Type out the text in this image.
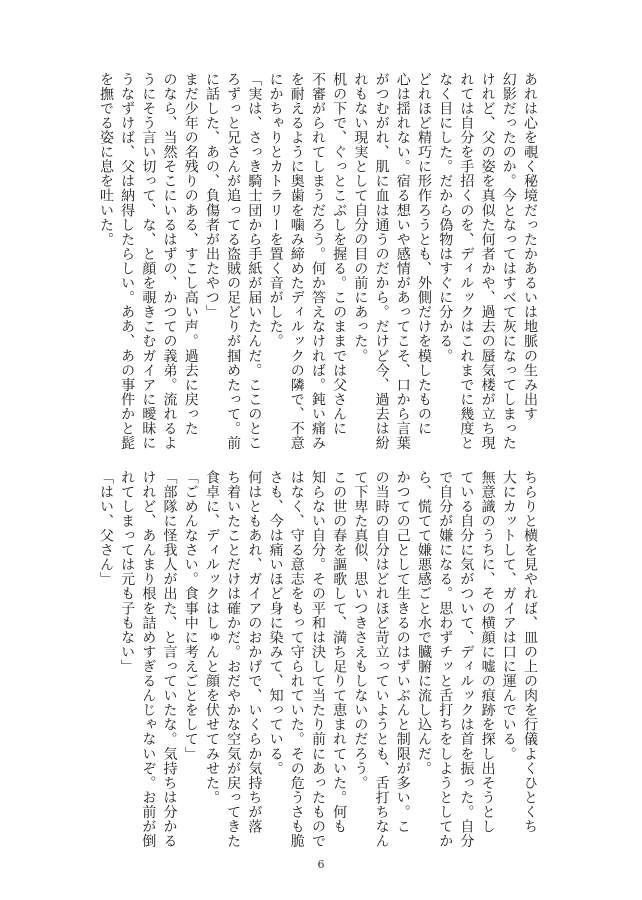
あれは心を覗く秘境だったかあるいは地脈の生み出す

幻影だったのか。今となってはすべて灰になってしまった

けれど、父の姿を真似た何者かや、過去の蜃気楼が立ち現

れては自分を手招くのを、ディルックはこれまでに幾度と

なく目にした。だから偽物はすぐに分かる。

どれほど精巧に形作ろうとも、外側だけを模したものに

心は揺れない。宿る想いや感情があってこそ、口から言葉

がつむがれ、肌に血は通うのだから。だけど今、過去は紛

れもない現実として自分の目の前にあった。

机の下で、ぐっとこぶしを握る。このままでは父さんに

不審がられてしまうだろう。何か答えなければ。鈍い痛み

を耐えるように奥歯を噛み締めたディルックの隣で、不意

にかちゃりとカトラリーを置く音がした。

「実は、さっき騎士団から手紙が届いたんだ。ここのとこ

ろずっと兄さんが追ってる盗賊の足どりが掴めたって。前

に話した、あの、負傷者が出たやつ」

まだ少年の名残りのある、すこし高い声。過去に戻った

のなら、当然そこにいるはずの、かつての義弟。流れるよ

うにそう言い切って、な、と顔を覗きこむガイアに曖昧に

うなずけば、父は納得したらしい。ああ、あの事件かと髭

を撫でる姿に息を吐いた。

ちらりと横を見やれば、皿の上の肉を行儀よくひとくち

大にカットして、ガイアは口に運んでいる。

無意識のうちに、その横顔に嘘の痕跡を探し出そうとし

ている自分に気がついて、ディルックは首を振った。自分

で自分が嫌になる。思わずチッと舌打ちをしようとしてか

ら、慌てて嫌悪感ごと水で臓腑に流し込んだ。

かつての己として生きるのはずいぶんと制限が多い。こ

の当時の自分はどれほど苛立っていようとも、舌打ちなん

て下卑た真似、思いつきさえもしないのだろう。

この世の春を謳歌して、満ち足りて恵まれていた。何も

知らない自分。その平和は決して当たり前にあったもので

はなく、守る意志をもって守られていた。その危うさも脆

さも、今は痛いほど身に染みて、知っている。

何はともあれ、ガイアのおかげで、いくらか気持ちが落

ち着いたことだけは確かだ。おだやかな空気が戻ってきた

食卓に、ディルックはしゅんと顔を伏せてみせた。

「ごめんなさい。食事中に考えごとをして」

「部隊に怪我人が出た、と言っていたな。気持ちは分かる

けれど、あんまり根を詰めすぎるんじゃないぞ。お前が倒

れてしまっては元も子もない」

「はい、父さん」

6
